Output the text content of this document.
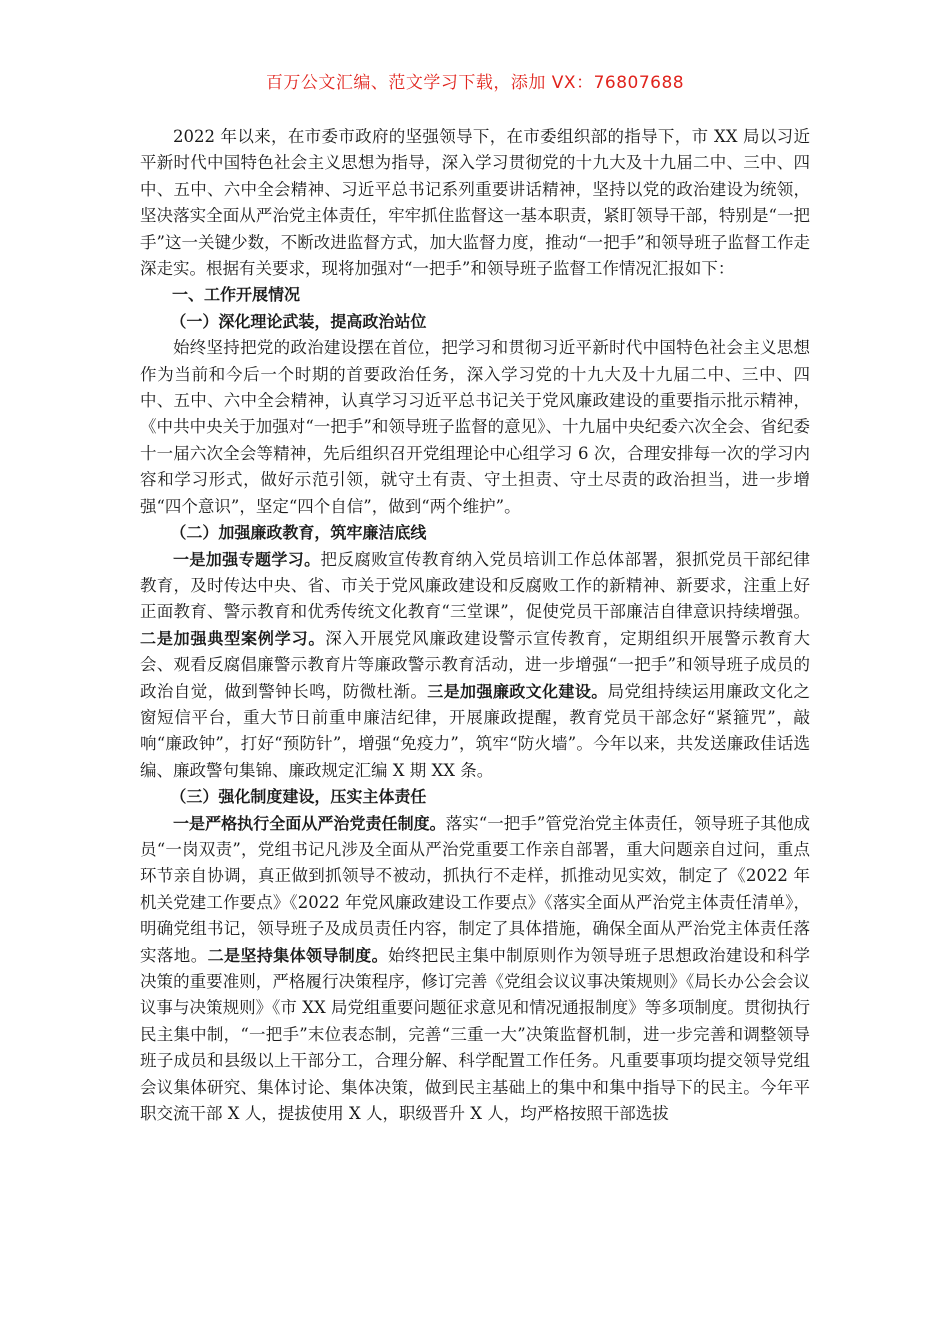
百万公文汇编、范文学习下载，添加 VX：76807688

2022 年以来，在市委市政府的坚强领导下，在市委组织部的指导下，市 XX 局以习近平新时代中国特色社会主义思想为指导，深入学习贯彻党的十九大及十九届二中、三中、四中、五中、六中全会精神、习近平总书记系列重要讲话精神，坚持以党的政治建设为统领，坚决落实全面从严治党主体责任，牢牢抓住监督这一基本职责，紧盯领导干部，特别是“一把手”这一关键少数，不断改进监督方式，加大监督力度，推动“一把手”和领导班子监督工作走深走实。根据有关要求，现将加强对“一把手”和领导班子监督工作情况汇报如下：

一、工作开展情况
（一）深化理论武装，提高政治站位

始终坚持把党的政治建设摆在首位，把学习和贯彻习近平新时代中国特色社会主义思想作为当前和今后一个时期的首要政治任务，深入学习党的十九大及十九届二中、三中、四中、五中、六中全会精神，认真学习习近平总书记关于党风廉政建设的重要指示批示精神，《中共中央关于加强对“一把手”和领导班子监督的意见》、十九届中央纪委六次全会、省纪委十一届六次全会等精神，先后组织召开党组理论中心组学习 6 次，合理安排每一次的学习内容和学习形式，做好示范引领，就守土有责、守土担责、守土尽责的政治担当，进一步增强“四个意识”，坚定“四个自信”，做到“两个维护”。

（二）加强廉政教育，筑牢廉洁底线

一是加强专题学习。把反腐败宣传教育纳入党员培训工作总体部署，狠抓党员干部纪律教育，及时传达中央、省、市关于党风廉政建设和反腐败工作的新精神、新要求，注重上好正面教育、警示教育和优秀传统文化教育“三堂课”，促使党员干部廉洁自律意识持续增强。二是加强典型案例学习。深入开展党风廉政建设警示宣传教育，定期组织开展警示教育大会、观看反腐倡廉警示教育片等廉政警示教育活动，进一步增强“一把手”和领导班子成员的政治自觉，做到警钟长鸣，防微杜渐。三是加强廉政文化建设。局党组持续运用廉政文化之窗短信平台，重大节日前重申廉洁纪律，开展廉政提醒，教育党员干部念好“紧箍咒”，敲响“廉政钟”，打好“预防针”，增强“免疫力”，筑牢“防火墙”。今年以来，共发送廉政佳话选编、廉政警句集锦、廉政规定汇编 X 期 XX 条。

（三）强化制度建设，压实主体责任

一是严格执行全面从严治党责任制度。落实“一把手”管党治党主体责任，领导班子其他成员“一岗双责”，党组书记凡涉及全面从严治党重要工作亲自部署，重大问题亲自过问，重点环节亲自协调，真正做到抓领导不被动，抓执行不走样，抓推动见实效，制定了《2022 年机关党建工作要点》《2022 年党风廉政建设工作要点》《落实全面从严治党主体责任清单》，明确党组书记，领导班子及成员责任内容，制定了具体措施，确保全面从严治党主体责任落实落地。二是坚持集体领导制度。始终把民主集中制原则作为领导班子思想政治建设和科学决策的重要准则，严格履行决策程序，修订完善《党组会议议事决策规则》《局长办公会会议议事与决策规则》《市 XX 局党组重要问题征求意见和情况通报制度》等多项制度。贯彻执行民主集中制，“一把手”末位表态制，完善“三重一大”决策监督机制，进一步完善和调整领导班子成员和县级以上干部分工，合理分解、科学配置工作任务。凡重要事项均提交领导党组会议集体研究、集体讨论、集体决策，做到民主基础上的集中和集中指导下的民主。今年平职交流干部 X 人，提拔使用 X 人，职级晋升 X 人，均严格按照干部选拔
